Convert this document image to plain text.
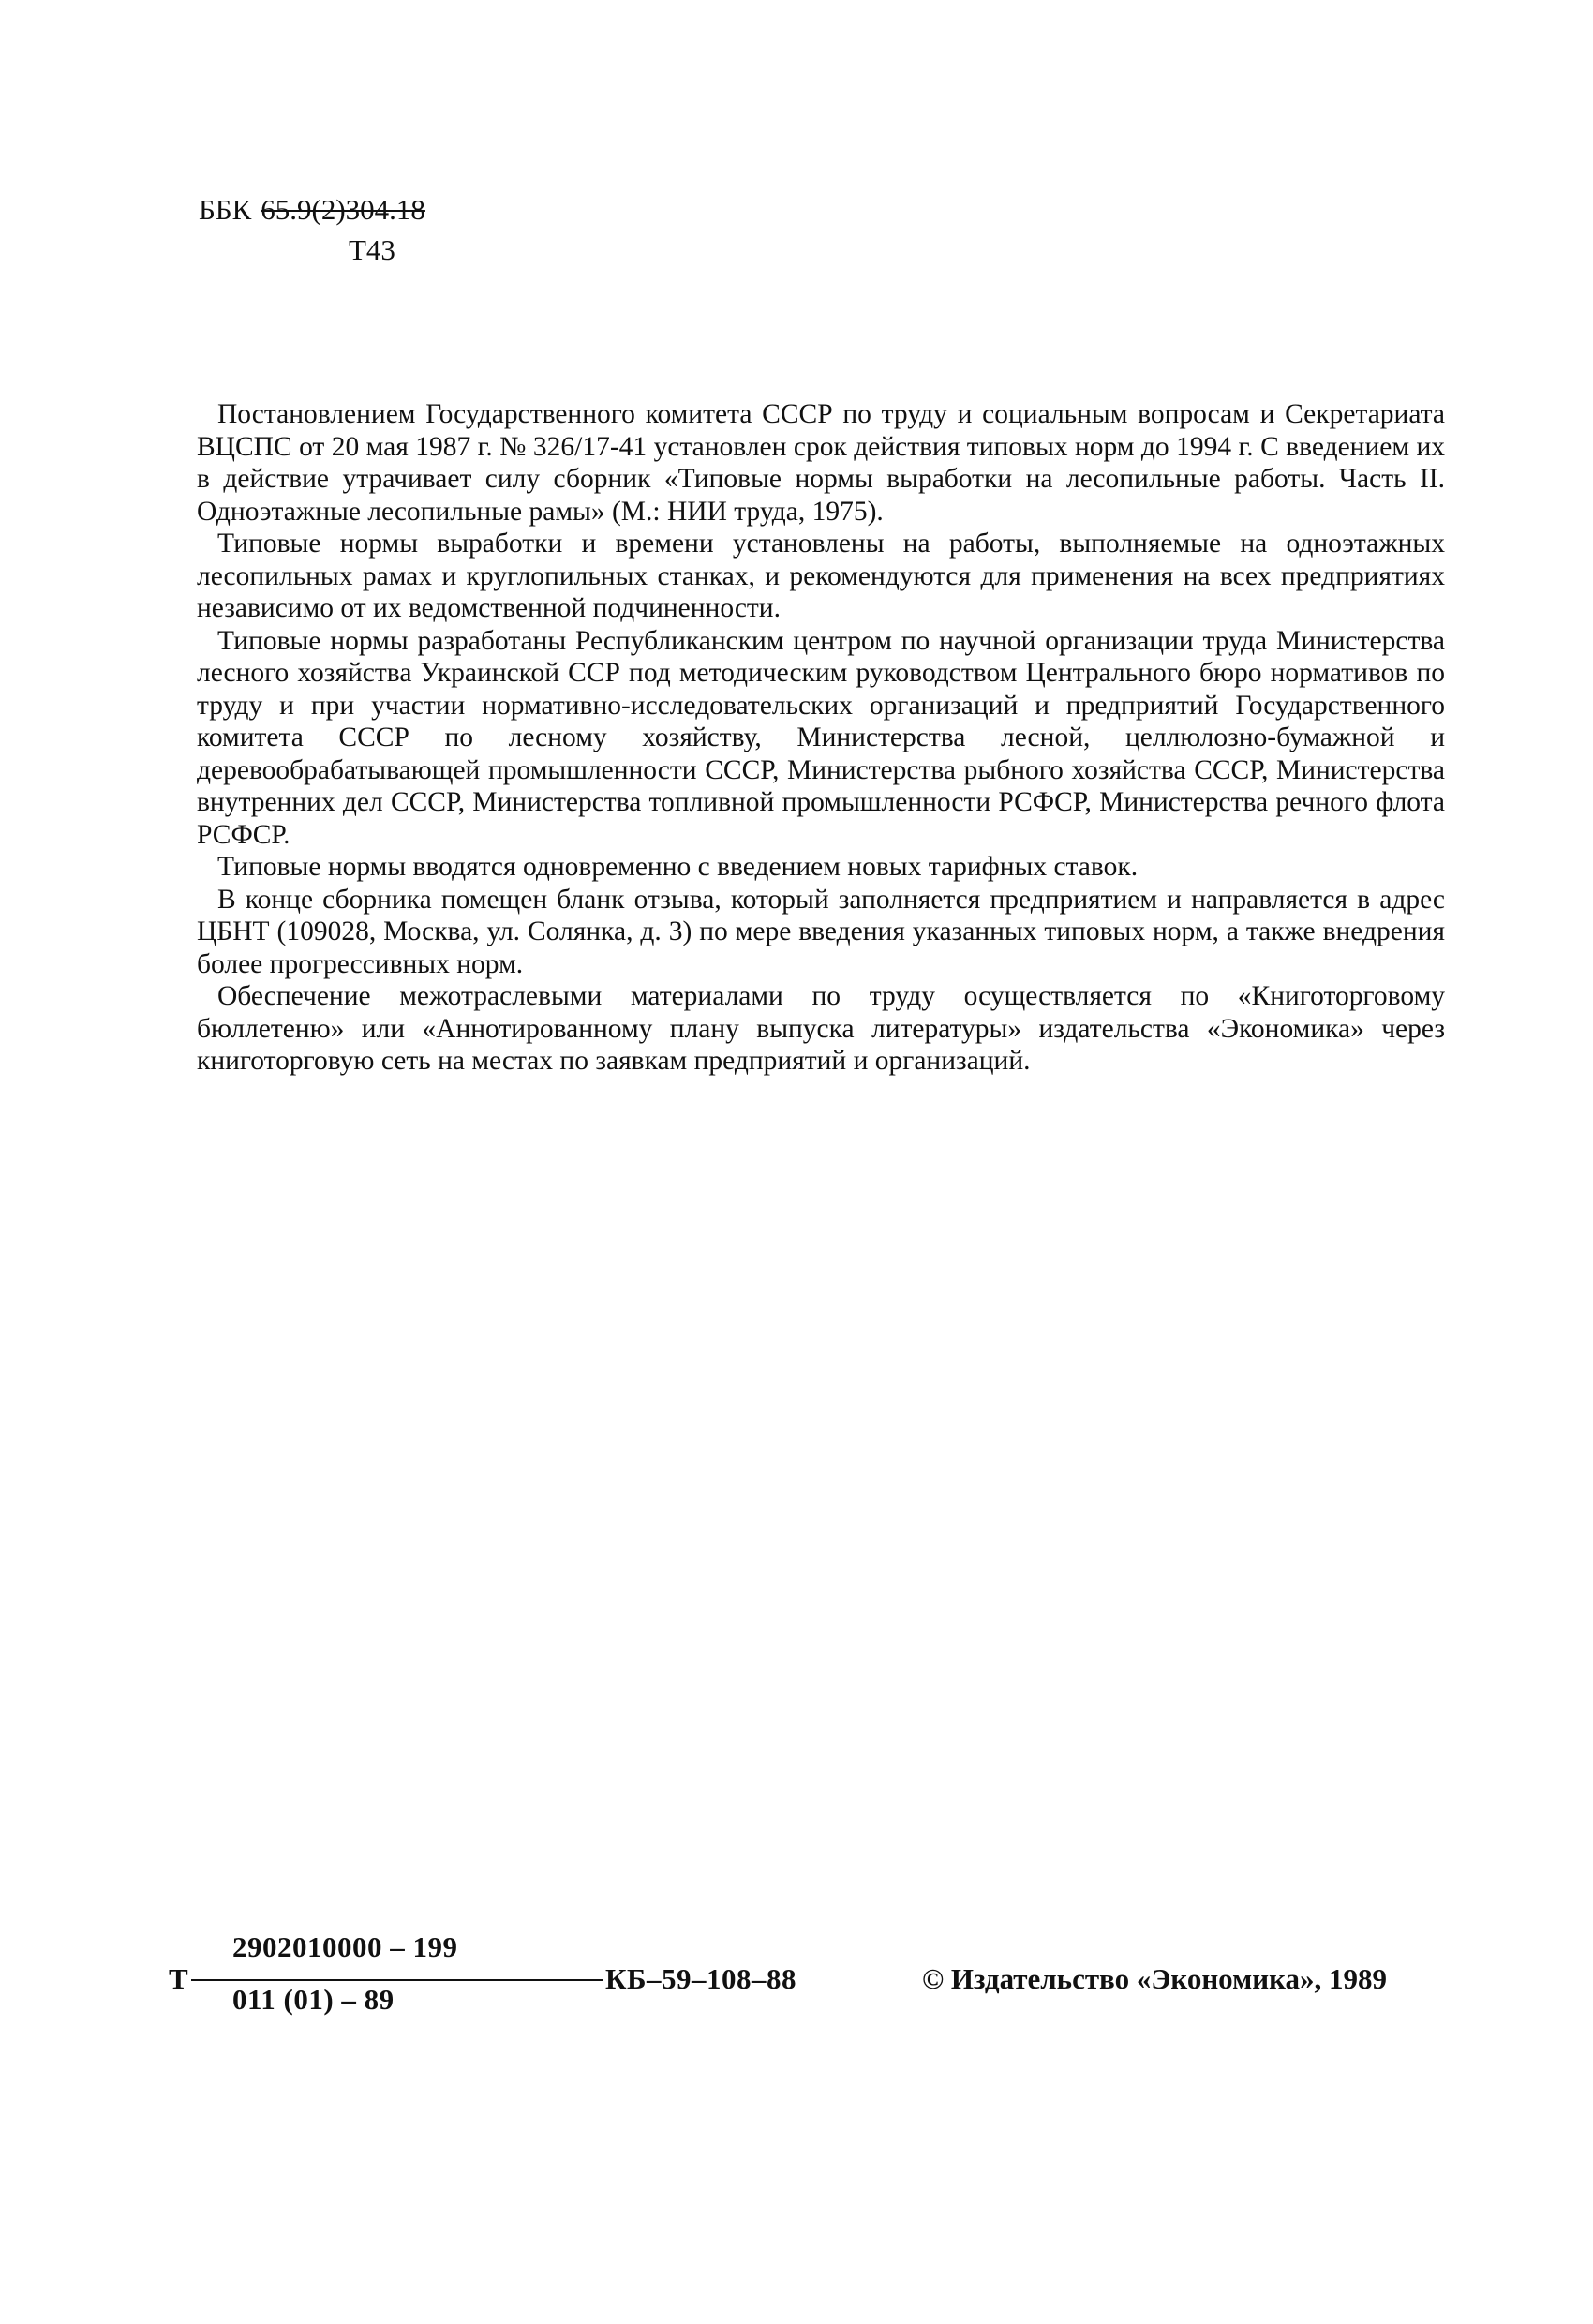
ББК 65.9(2)304.18
Т43

Постановлением Государственного комитета СССР по труду и социальным вопросам и Секретариата ВЦСПС от 20 мая 1987 г. № 326/17-41 установлен срок действия типовых норм до 1994 г. С введением их в действие утрачивает силу сборник «Типовые нормы выработки на лесопильные работы. Часть II. Одноэтажные лесопильные рамы» (М.: НИИ труда, 1975).

Типовые нормы выработки и времени установлены на работы, выполняемые на одноэтажных лесопильных рамах и круглопильных станках, и рекомендуются для применения на всех предприятиях независимо от их ведомственной подчиненности.

Типовые нормы разработаны Республиканским центром по научной организации труда Министерства лесного хозяйства Украинской ССР под методическим руководством Центрального бюро нормативов по труду и при участии нормативно-исследовательских организаций и предприятий Государственного комитета СССР по лесному хозяйству, Министерства лесной, целлюлозно-бумажной и деревообрабатывающей промышленности СССР, Министерства рыбного хозяйства СССР, Министерства внутренних дел СССР, Министерства топливной промышленности РСФСР, Министерства речного флота РСФСР.

Типовые нормы вводятся одновременно с введением новых тарифных ставок.

В конце сборника помещен бланк отзыва, который заполняется предприятием и направляется в адрес ЦБНТ (109028, Москва, ул. Солянка, д. 3) по мере введения указанных типовых норм, а также внедрения более прогрессивных норм.

Обеспечение межотраслевыми материалами по труду осуществляется по «Книготорговому бюллетеню» или «Аннотированному плану выпуска литературы» издательства «Экономика» через книготорговую сеть на местах по заявкам предприятий и организаций.

Т
2902010000 – 199
011 (01) – 89
КБ–59–108–88	© Издательство «Экономика», 1989
